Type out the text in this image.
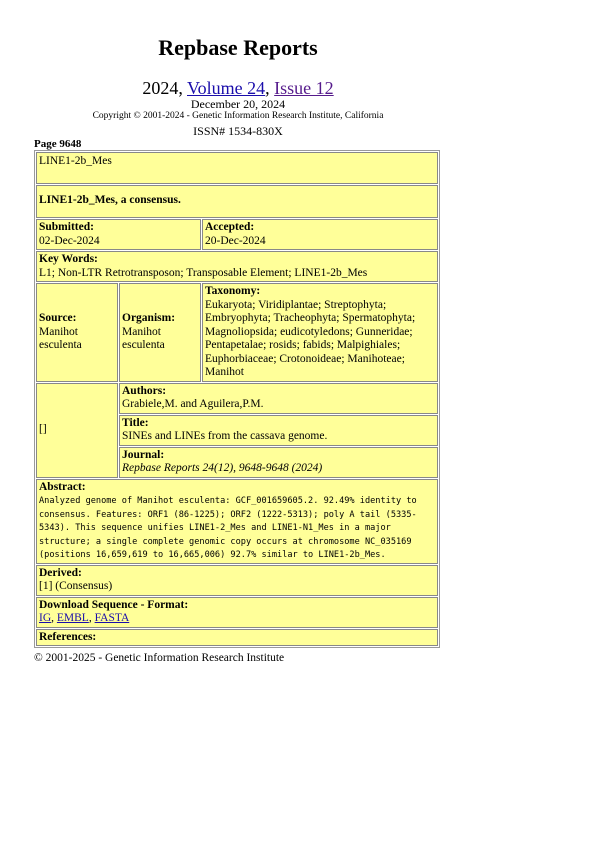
Repbase Reports
2024, Volume 24, Issue 12
December 20, 2024
Copyright © 2001-2024 - Genetic Information Research Institute, California
ISSN# 1534-830X
Page 9648
LINE1-2b_Mes		
LINE1-2b_Mes, a consensus.		

Submitted:
02-Dec-2024		Accepted:
20-Dec-2024

Key Words:
L1; Non-LTR Retrotransposon; Transposable Element; LINE1-2b_Mes		

Source:
Manihot esculenta	Organism:
Manihot esculenta	Taxonomy:
Eukaryota; Viridiplantae; Streptophyta; Embryophyta; Tracheophyta; Spermatophyta; Magnoliopsida; eudicotyledons; Gunneridae; Pentapetalae; rosids; fabids; Malpighiales; Euphorbiaceae; Crotonoideae; Manihoteae; Manihot
[]	Authors:
Grabiele,M. and Aguilera,P.M.	

	Title:
SINEs and LINEs from the cassava genome.	

	Journal:
Repbase Reports 24(12), 9648-9648 (2024)	

Abstract:
Analyzed genome of Manihot esculenta: GCF_001659605.2. 92.49% identity to consensus. Features: ORF1 (86-1225); ORF2 (1222-5313); poly A tail (5335-5343). This sequence unifies LINE1-2_Mes and LINE1-N1_Mes in a major structure; a single complete genomic copy occurs at chromosome NC_035169 (positions 16,659,619 to 16,665,006) 92.7% similar to LINE1-2b_Mes.		

Derived:
[1] (Consensus)		

Download Sequence - Format:
IG, EMBL, FASTA		

References:		
© 2001-2025 - Genetic Information Research Institute
